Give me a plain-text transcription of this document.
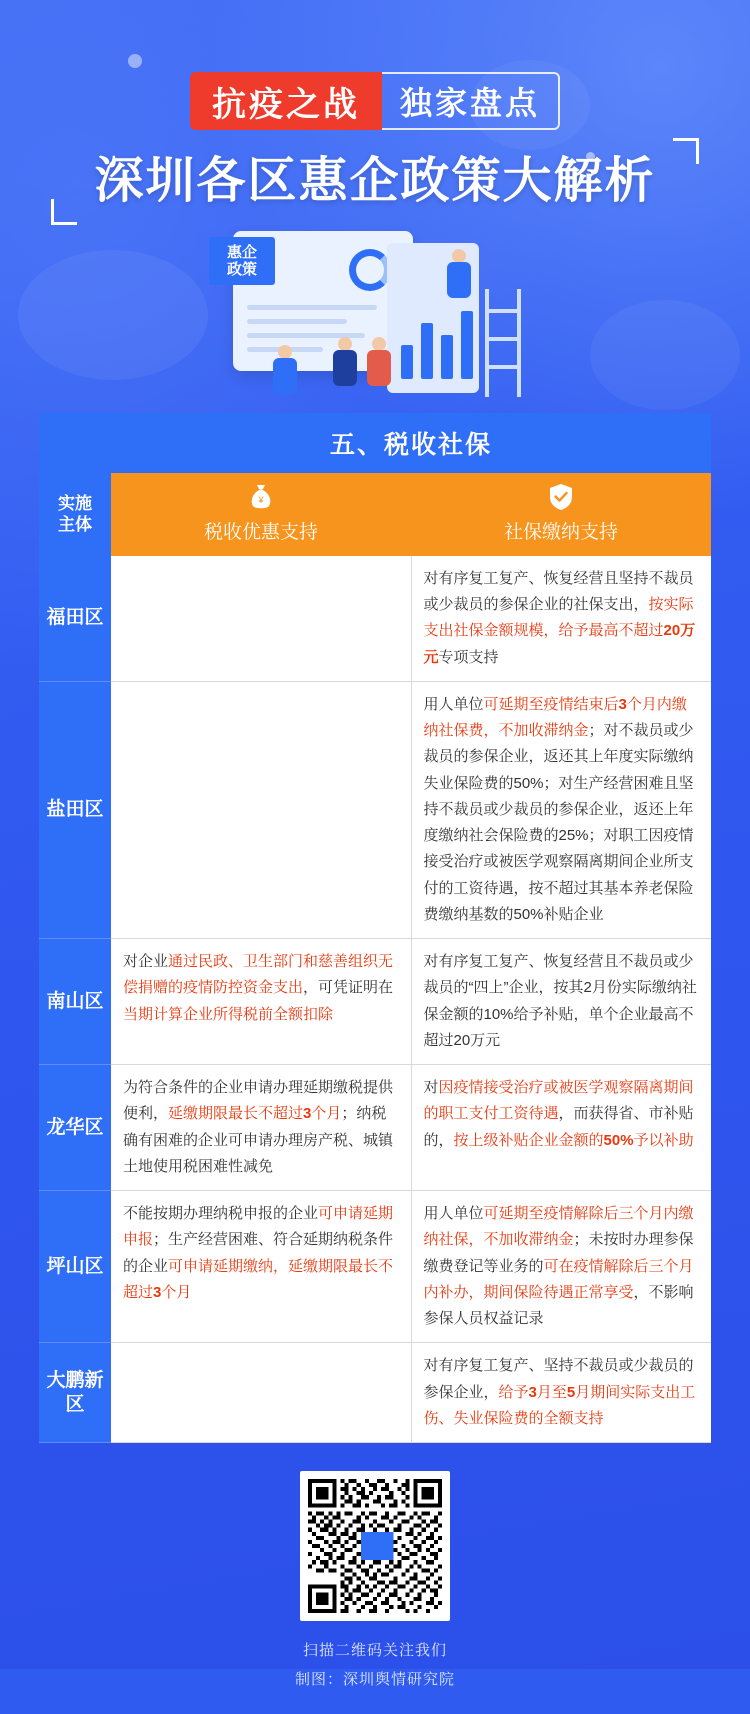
抗疫之战	独家盘点
深圳各区惠企政策大解析
惠企
政策
	五、税收社保	

实施
主体

¥
税收优惠支持	社保缴纳支持
福田区		对有序复工复产、恢复经营且坚持不裁员或少裁员的参保企业的社保支出，按实际支出社保金额规模，给予最高不超过20万元专项支持
盐田区		用人单位可延期至疫情结束后3个月内缴纳社保费，不加收滞纳金；对不裁员或少裁员的参保企业，返还其上年度实际缴纳失业保险费的50%；对生产经营困难且坚持不裁员或少裁员的参保企业，返还上年度缴纳社会保险费的25%；对职工因疫情接受治疗或被医学观察隔离期间企业所支付的工资待遇，按不超过其基本养老保险费缴纳基数的50%补贴企业
南山区	对企业通过民政、卫生部门和慈善组织无偿捐赠的疫情防控资金支出，可凭证明在当期计算企业所得税前全额扣除	对有序复工复产、恢复经营且不裁员或少裁员的“四上”企业，按其2月份实际缴纳社保金额的10%给予补贴，单个企业最高不超过20万元
龙华区	为符合条件的企业申请办理延期缴税提供便利，延缴期限最长不超过3个月；纳税确有困难的企业可申请办理房产税、城镇土地使用税困难性减免	对因疫情接受治疗或被医学观察隔离期间的职工支付工资待遇，而获得省、市补贴的，按上级补贴企业金额的50%予以补助
坪山区	不能按期办理纳税申报的企业可申请延期申报；生产经营困难、符合延期纳税条件的企业可申请延期缴纳，延缴期限最长不超过3个月	用人单位可延期至疫情解除后三个月内缴纳社保，不加收滞纳金；未按时办理参保缴费登记等业务的可在疫情解除后三个月内补办，期间保险待遇正常享受，不影响参保人员权益记录
大鹏新区		对有序复工复产、坚持不裁员或少裁员的参保企业，给予3月至5月期间实际支出工伤、失业保险费的全额支持
扫描二维码关注我们
制图：深圳舆情研究院
